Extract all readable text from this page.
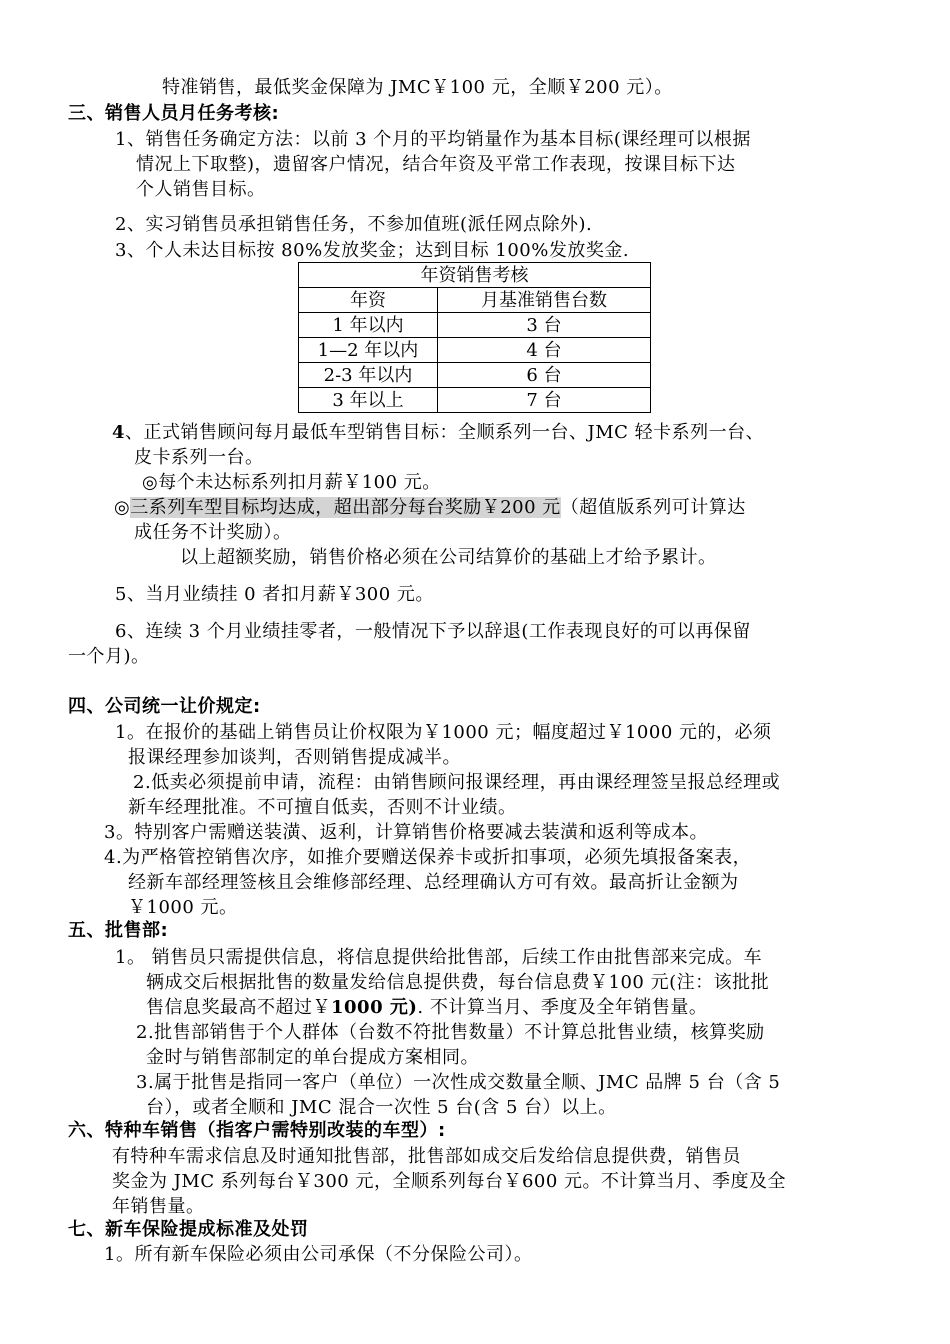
特准销售，最低奖金保障为 JMC￥100 元，全顺￥200 元）。
三、销售人员月任务考核:
1、销售任务确定方法：以前 3 个月的平均销量作为基本目标(课经理可以根据
情况上下取整)，遗留客户情况，结合年资及平常工作表现，按课目标下达
个人销售目标。
2、实习销售员承担销售任务，不参加值班(派任网点除外).
3、个人未达目标按 80%发放奖金；达到目标 100%发放奖金.
年资销售考核	
年资	月基准销售台数
1 年以内	3 台
1—2 年以内	4 台
2-3 年以内	6 台
3 年以上	7 台
4、正式销售顾问每月最低车型销售目标：全顺系列一台、JMC 轻卡系列一台、
皮卡系列一台。
◎每个未达标系列扣月薪￥100 元。
◎三系列车型目标均达成，超出部分每台奖励￥200 元（超值版系列可计算达
成任务不计奖励）。
以上超额奖励，销售价格必须在公司结算价的基础上才给予累计。
5、当月业绩挂 0 者扣月薪￥300 元。
6、连续 3 个月业绩挂零者，一般情况下予以辞退(工作表现良好的可以再保留
一个月)。
四、公司统一让价规定:
1。在报价的基础上销售员让价权限为￥1000 元；幅度超过￥1000 元的，必须
报课经理参加谈判，否则销售提成减半。
2.低卖必须提前申请，流程：由销售顾问报课经理，再由课经理签呈报总经理或
新车经理批准。不可擅自低卖，否则不计业绩。
3。特别客户需赠送装潢、返利，计算销售价格要减去装潢和返利等成本。
4.为严格管控销售次序，如推介要赠送保养卡或折扣事项，必须先填报备案表，
经新车部经理签核且会维修部经理、总经理确认方可有效。最高折让金额为
￥1000 元。
五、批售部:
1。 销售员只需提供信息，将信息提供给批售部，后续工作由批售部来完成。车
辆成交后根据批售的数量发给信息提供费，每台信息费￥100 元(注：该批批
售信息奖最高不超过￥1000 元). 不计算当月、季度及全年销售量。
2.批售部销售于个人群体（台数不符批售数量）不计算总批售业绩，核算奖励
金时与销售部制定的单台提成方案相同。
3.属于批售是指同一客户（单位）一次性成交数量全顺、JMC 品牌 5 台（含 5
台），或者全顺和 JMC 混合一次性 5 台(含 5 台）以上。
六、特种车销售（指客户需特别改装的车型）:
有特种车需求信息及时通知批售部，批售部如成交后发给信息提供费，销售员
奖金为 JMC 系列每台￥300 元，全顺系列每台￥600 元。不计算当月、季度及全
年销售量。
七、新车保险提成标准及处罚
1。所有新车保险必须由公司承保（不分保险公司）。
